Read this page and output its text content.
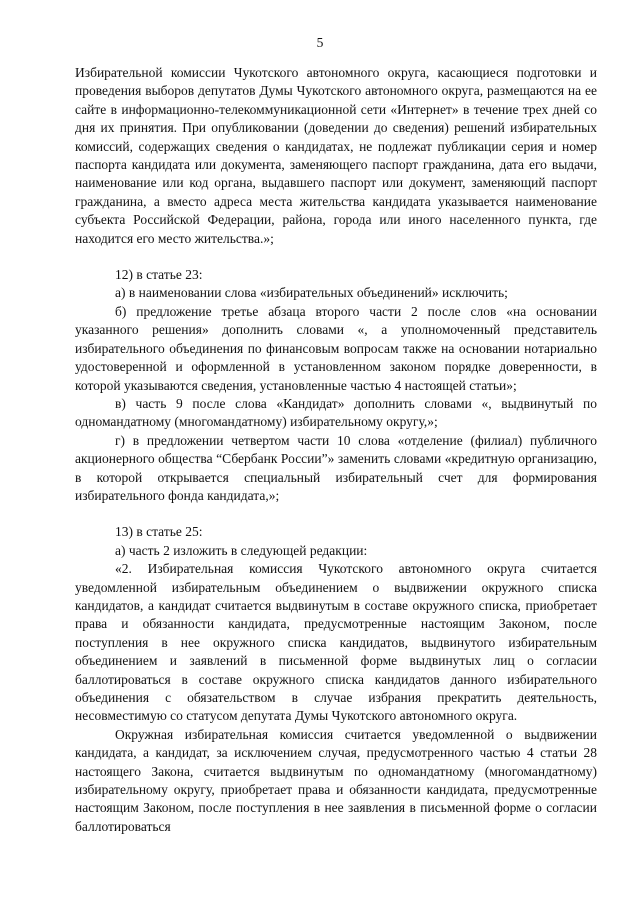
5

Избирательной комиссии Чукотского автономного округа, касающиеся подготовки и проведения выборов депутатов Думы Чукотского автономного округа, размещаются на ее сайте в информационно-телекоммуникационной сети «Интернет» в течение трех дней со дня их принятия. При опубликовании (доведении до сведения) решений избирательных комиссий, содержащих сведения о кандидатах, не подлежат публикации серия и номер паспорта кандидата или документа, заменяющего паспорт гражданина, дата его выдачи, наименование или код органа, выдавшего паспорт или документ, заменяющий паспорт гражданина, а вместо адреса места жительства кандидата указывается наименование субъекта Российской Федерации, района, города или иного населенного пункта, где находится его место жительства.»;

12) в статье 23:

а) в наименовании слова «избирательных объединений» исключить;

б) предложение третье абзаца второго части 2 после слов «на основании указанного решения» дополнить словами «, а уполномоченный представитель избирательного объединения по финансовым вопросам также на основании нотариально удостоверенной и оформленной в установленном законом порядке доверенности, в которой указываются сведения, установленные частью 4 настоящей статьи»;

в) часть 9 после слова «Кандидат» дополнить словами «, выдвинутый по одномандатному (многомандатному) избирательному округу,»;

г) в предложении четвертом части 10 слова «отделение (филиал) публичного акционерного общества “Сбербанк России”» заменить словами «кредитную организацию, в которой открывается специальный избирательный счет для формирования избирательного фонда кандидата,»;

13) в статье 25:

а) часть 2 изложить в следующей редакции:

«2. Избирательная комиссия Чукотского автономного округа считается уведомленной избирательным объединением о выдвижении окружного списка кандидатов, а кандидат считается выдвинутым в составе окружного списка, приобретает права и обязанности кандидата, предусмотренные настоящим Законом, после поступления в нее окружного списка кандидатов, выдвинутого избирательным объединением и заявлений в письменной форме выдвинутых лиц о согласии баллотироваться в составе окружного списка кандидатов данного избирательного объединения с обязательством в случае избрания прекратить деятельность, несовместимую со статусом депутата Думы Чукотского автономного округа.

Окружная избирательная комиссия считается уведомленной о выдвижении кандидата, а кандидат, за исключением случая, предусмотренного частью 4 статьи 28 настоящего Закона, считается выдвинутым по одномандатному (многомандатному) избирательному округу, приобретает права и обязанности кандидата, предусмотренные настоящим Законом, после поступления в нее заявления в письменной форме о согласии баллотироваться
